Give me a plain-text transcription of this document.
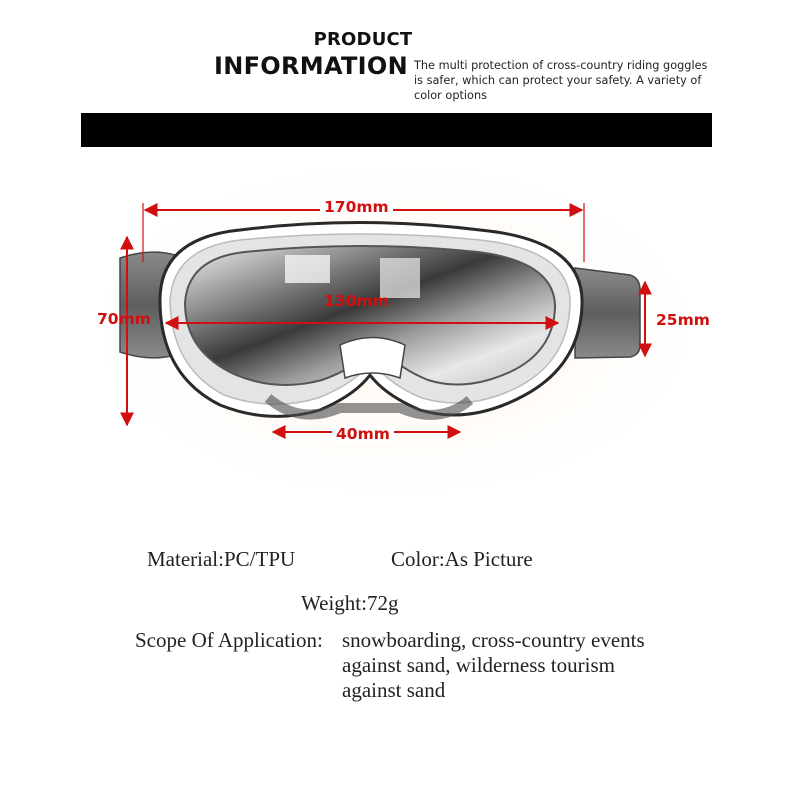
PRODUCT
INFORMATION The multi protection of cross-country riding goggles is safer, which can protect your safety. A variety of color options
170mm
130mm
70mm	25mm
40mm
Material:PC/TPU	Color:As Picture
Weight:72g
Scope Of Application: snowboarding, cross-country events
against sand, wilderness tourism
against sand
